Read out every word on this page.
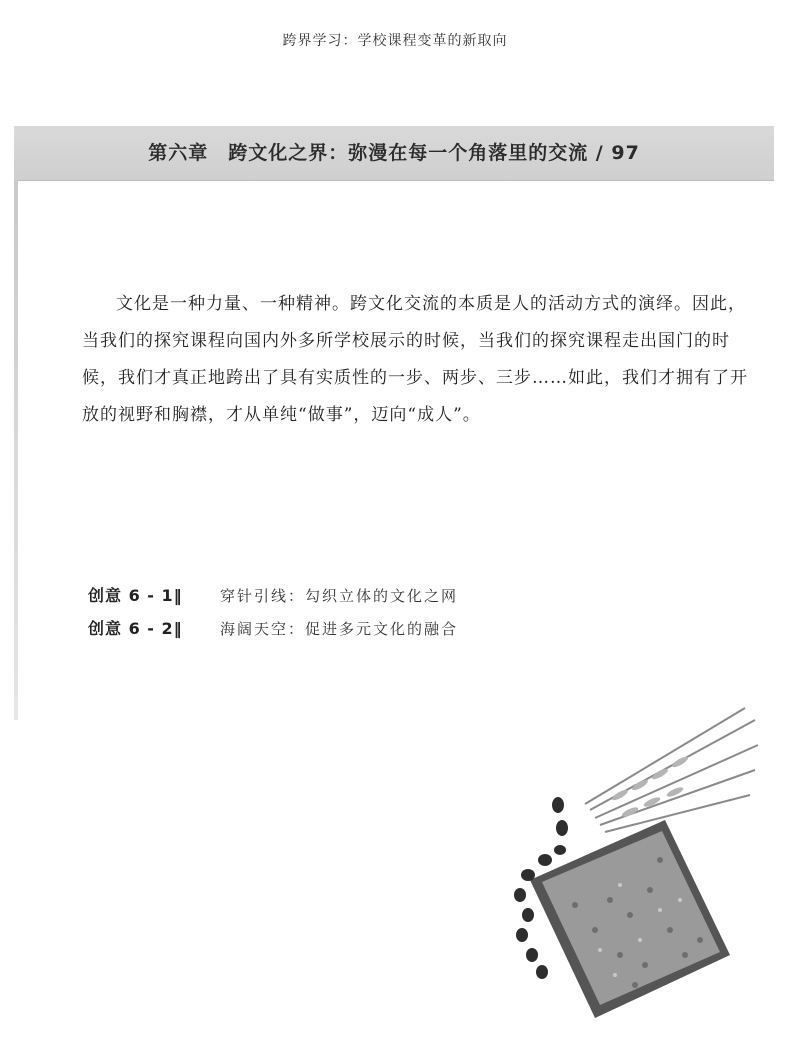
跨界学习：学校课程变革的新取向
第六章　跨文化之界：弥漫在每一个角落里的交流 / 97

文化是一种力量、一种精神。跨文化交流的本质是人的活动方式的演绎。因此，当我们的探究课程向国内外多所学校展示的时候，当我们的探究课程走出国门的时候，我们才真正地跨出了具有实质性的一步、两步、三步……如此，我们才拥有了开放的视野和胸襟，才从单纯“做事”，迈向“成人”。

创意 6 - 1‖	穿针引线：勾织立体的文化之网
创意 6 - 2‖	海阔天空：促进多元文化的融合
